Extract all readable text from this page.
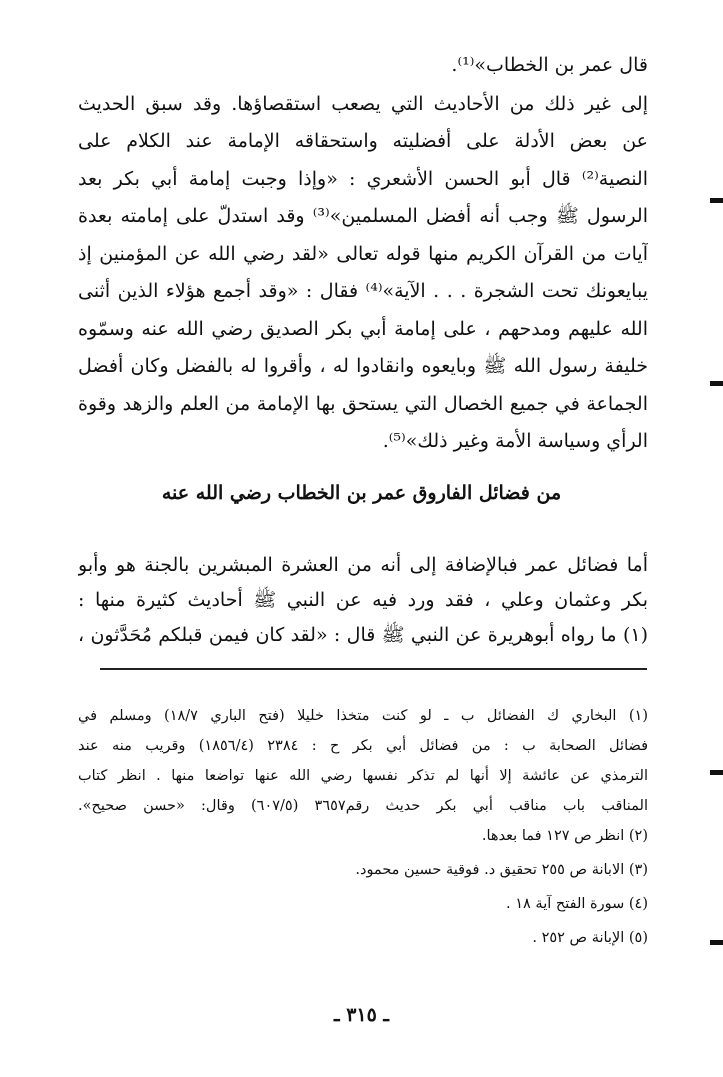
قال عمر بن الخطاب»⁽¹⁾.
إلى غير ذلك من الأحاديث التي يصعب استقصاؤها. وقد سبق الحديث
عن بعض الأدلة على أفضليته واستحقاقه الإمامة عند الكلام على
النصية⁽²⁾ قال أبو الحسن الأشعري : «وإذا وجبت إمامة أبي بكر بعد
الرسول ﷺ وجب أنه أفضل المسلمين»⁽³⁾ وقد استدلّ على إمامته بعدة
آيات من القرآن الكريم منها قوله تعالى «لقد رضي الله عن المؤمنين إذ
يبايعونك تحت الشجرة . . . الآية»⁽⁴⁾ فقال : «وقد أجمع هؤلاء الذين أثنى
الله عليهم ومدحهم ، على إمامة أبي بكر الصديق رضي الله عنه وسمّوه
خليفة رسول الله ﷺ وبايعوه وانقادوا له ، وأقروا له بالفضل وكان أفضل
الجماعة في جميع الخصال التي يستحق بها الإمامة من العلم والزهد وقوة
الرأي وسياسة الأمة وغير ذلك»⁽⁵⁾.
من فضائل الفاروق عمر بن الخطاب رضي الله عنه
أما فضائل عمر فبالإضافة إلى أنه من العشرة المبشرين بالجنة هو وأبو
بكر وعثمان وعلي ، فقد ورد فيه عن النبي ﷺ أحاديث كثيرة منها :
(١) ما رواه أبوهريرة عن النبي ﷺ قال : «لقد كان فيمن قبلكم مُحَدَّثون ،
(١) البخاري ك الفضائل ب ـ لو كنت متخذا خليلا (فتح الباري ١٨/٧) ومسلم في
فضائل الصحابة ب : من فضائل أبي بكر ح : ٢٣٨٤ (١٨٥٦/٤) وقريب منه عند
الترمذي عن عائشة إلا أنها لم تذكر نفسها رضي الله عنها تواضعا منها . انظر كتاب
المناقب باب مناقب أبي بكر حديث رقم٣٦٥٧ (٦٠٧/٥) وقال: «حسن صحيح».
(٢) انظر ص ١٢٧ فما بعدها.
(٣) الابانة ص ٢٥٥ تحقيق د. فوقية حسين محمود.
(٤) سورة الفتح آية ١٨ .
(٥) الإبانة ص ٢٥٢ .
ـ ٣١٥ ـ
